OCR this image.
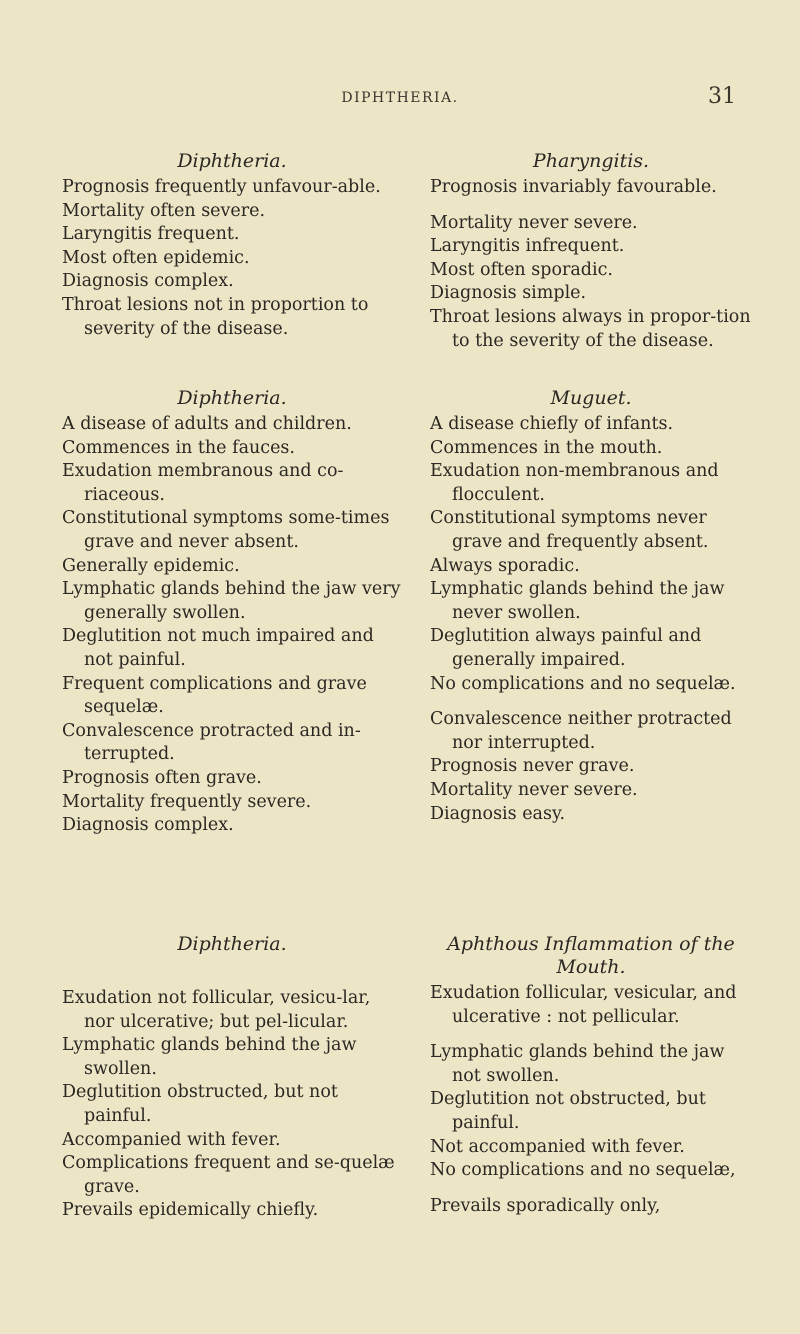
DIPHTHERIA.	31

Diphtheria.

Prognosis frequently unfavour-able.

Mortality often severe.

Laryngitis frequent.

Most often epidemic.

Diagnosis complex.

Throat lesions not in proportion to severity of the disease.

Pharyngitis.

Prognosis invariably favourable.

Mortality never severe.

Laryngitis infrequent.

Most often sporadic.

Diagnosis simple.

Throat lesions always in propor-tion to the severity of the disease.

Diphtheria.

A disease of adults and children.

Commences in the fauces.

Exudation membranous and co-riaceous.

Constitutional symptoms some-times grave and never absent.

Generally epidemic.

Lymphatic glands behind the jaw very generally swollen.

Deglutition not much impaired and not painful.

Frequent complications and grave sequelæ.

Convalescence protracted and in-terrupted.

Prognosis often grave.

Mortality frequently severe.

Diagnosis complex.

Muguet.

A disease chiefly of infants.

Commences in the mouth.

Exudation non-membranous and flocculent.

Constitutional symptoms never grave and frequently absent.

Always sporadic.

Lymphatic glands behind the jaw never swollen.

Deglutition always painful and generally impaired.

No complications and no sequelæ.

Convalescence neither protracted nor interrupted.

Prognosis never grave.

Mortality never severe.

Diagnosis easy.

Diphtheria.

Exudation not follicular, vesicu-lar, nor ulcerative; but pel-licular.

Lymphatic glands behind the jaw swollen.

Deglutition obstructed, but not painful.

Accompanied with fever.

Complications frequent and se-quelæ grave.

Prevails epidemically chiefly.

Aphthous Inflammation of the Mouth.

Exudation follicular, vesicular, and ulcerative : not pellicular.

Lymphatic glands behind the jaw not swollen.

Deglutition not obstructed, but painful.

Not accompanied with fever.

No complications and no sequelæ,

Prevails sporadically only,
